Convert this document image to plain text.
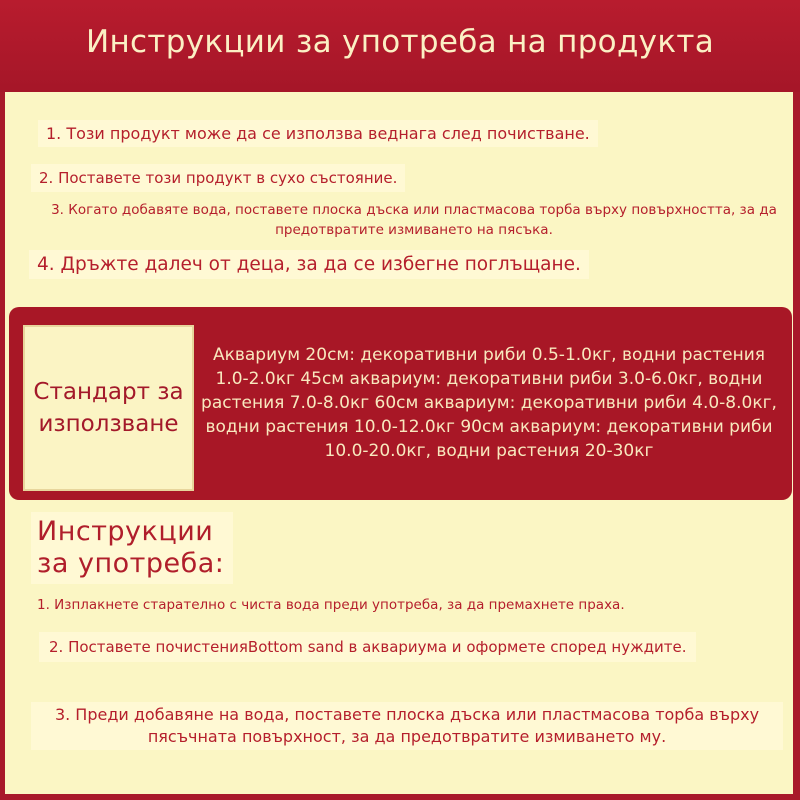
Инструкции за употреба на продукта
1. Този продукт може да се използва веднага след почистване.
2. Поставете този продукт в сухо състояние.
3. Когато добавяте вода, поставете плоска дъска или пластмасова торба върху повърхността, за да предотвратите измиването на пясъка.
4. Дръжте далеч от деца, за да се избегне поглъщане.
Инструкции за употреба:
1. Изплакнете старателно с чиста вода преди употреба, за да премахнете праха.
2. Поставете почистенияBottom sand в аквариума и оформете според нуждите.
3. Преди добавяне на вода, поставете плоска дъска или пластмасова торба върху пясъчната повърхност, за да предотвратите измиването му.
Стандарт за използване
Аквариум 20см: декоративни риби 0.5-1.0кг, водни растения 1.0-2.0кг 45см аквариум: декоративни риби 3.0-6.0кг, водни растения 7.0-8.0кг 60см аквариум: декоративни риби 4.0-8.0кг, водни растения 10.0-12.0кг 90см аквариум: декоративни риби 10.0-20.0кг, водни растения 20-30кг
